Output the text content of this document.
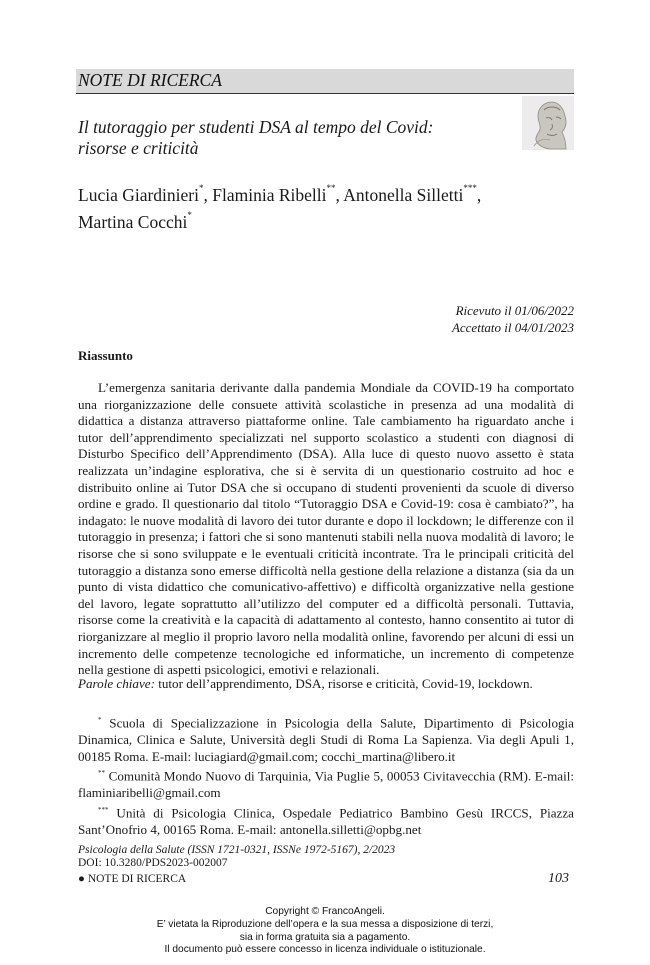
NOTE DI RICERCA
Il tutoraggio per studenti DSA al tempo del Covid:
risorse e criticità
Lucia Giardinieri*, Flaminia Ribelli**, Antonella Silletti***,
Martina Cocchi*
Ricevuto il 01/06/2022
Accettato il 04/01/2023
Riassunto
L’emergenza sanitaria derivante dalla pandemia Mondiale da COVID-19 ha comportato una riorganizzazione delle consuete attività scolastiche in presenza ad una modalità di didattica a distanza attraverso piattaforme online. Tale cambiamento ha riguardato anche i tutor dell’apprendimento specializzati nel supporto scolastico a studenti con diagnosi di Disturbo Specifico dell’Apprendimento (DSA). Alla luce di questo nuovo assetto è stata realizzata un’indagine esplorativa, che si è servita di un questionario costruito ad hoc e distribuito online ai Tutor DSA che si occupano di studenti provenienti da scuole di diverso ordine e grado. Il questionario dal titolo “Tutoraggio DSA e Covid-19: cosa è cambiato?”, ha indagato: le nuove modalità di lavoro dei tutor durante e dopo il lockdown; le differenze con il tutoraggio in presenza; i fattori che si sono mantenuti stabili nella nuova modalità di lavoro; le risorse che si sono sviluppate e le eventuali criticità incontrate. Tra le principali criticità del tutoraggio a distanza sono emerse difficoltà nella gestione della relazione a distanza (sia da un punto di vista didattico che comunicativo-affettivo) e difficoltà organizzative nella gestione del lavoro, legate soprattutto all’utilizzo del computer ed a difficoltà personali. Tuttavia, risorse come la creatività e la capacità di adattamento al contesto, hanno consentito ai tutor di riorganizzare al meglio il proprio lavoro nella modalità online, favorendo per alcuni di essi un incremento delle competenze tecnologiche ed informatiche, un incremento di competenze nella gestione di aspetti psicologici, emotivi e relazionali.
Parole chiave: tutor dell’apprendimento, DSA, risorse e criticità, Covid-19, lockdown.

* Scuola di Specializzazione in Psicologia della Salute, Dipartimento di Psicologia Dinamica, Clinica e Salute, Università degli Studi di Roma La Sapienza. Via degli Apuli 1, 00185 Roma. E-mail: luciagiard@gmail.com; cocchi_martina@libero.it

** Comunità Mondo Nuovo di Tarquinia, Via Puglie 5, 00053 Civitavecchia (RM). E-mail: flaminiaribelli@gmail.com

*** Unità di Psicologia Clinica, Ospedale Pediatrico Bambino Gesù IRCCS, Piazza Sant’Onofrio 4, 00165 Roma. E-mail: antonella.silletti@opbg.net

Psicologia della Salute (ISSN 1721-0321, ISSNe 1972-5167), 2/2023
DOI: 10.3280/PDS2023-002007
● NOTE DI RICERCA	103
Copyright © FrancoAngeli.
E’ vietata la Riproduzione dell’opera e la sua messa a disposizione di terzi,
sia in forma gratuita sia a pagamento.
Il documento può essere concesso in licenza individuale o istituzionale.
